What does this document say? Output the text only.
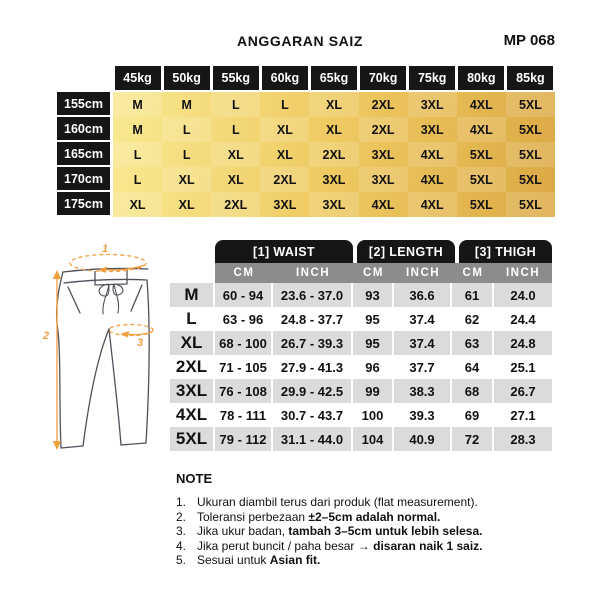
ANGGARAN SAIZ	MP 068
45kg	50kg	55kg	60kg	65kg	70kg	75kg	80kg	85kg
155cm	M	M	L	L	XL	2XL	3XL	4XL	5XL
160cm	M	L	L	XL	XL	2XL	3XL	4XL	5XL
165cm	L	L	XL	XL	2XL	3XL	4XL	5XL	5XL
170cm	L	XL	XL	2XL	3XL	3XL	4XL	5XL	5XL
175cm	XL	XL	2XL	3XL	3XL	4XL	4XL	5XL	5XL
1
2
3
[1] WAIST	[2] LENGTH	[3] THIGH
CM	INCH	CM	INCH	CM	INCH
M	60 - 94	23.6 - 37.0	93	36.6	61	24.0
L	63 - 96	24.8 - 37.7	95	37.4	62	24.4
XL	68 - 100	26.7 - 39.3	95	37.4	63	24.8
2XL 71 - 105	27.9 - 41.3	96	37.7	64	25.1
3XL 76 - 108	29.9 - 42.5	99	38.3	68	26.7
4XL 78 - 111	30.7 - 43.7	100	39.3	69	27.1
5XL 79 - 112	31.1 - 44.0	104	40.9	72	28.3
NOTE
1. Ukuran diambil terus dari produk (flat measurement).
2. Toleransi perbezaan ±2–5cm adalah normal.
3. Jika ukur badan, tambah 3–5cm untuk lebih selesa.
4. Jika perut buncit / paha besar → disaran naik 1 saiz.
5. Sesuai untuk Asian fit.
